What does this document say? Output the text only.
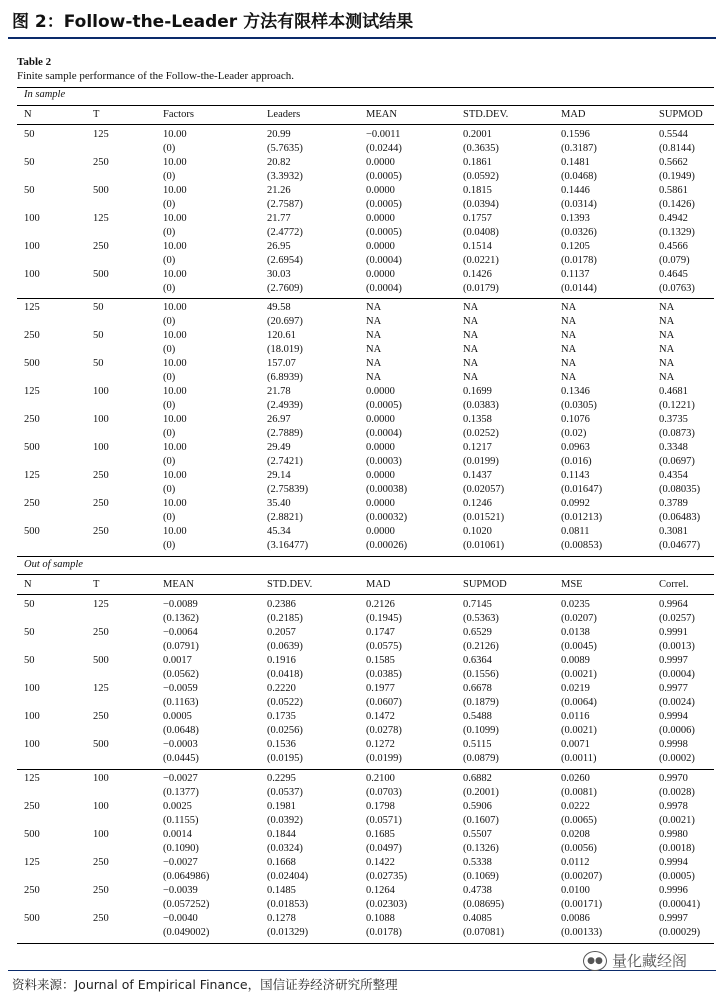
图 2：Follow-the-Leader 方法有限样本测试结果
Table 2
Finite sample performance of the Follow-the-Leader approach.
In sample
N	T	Factors	Leaders	MEAN	STD.DEV.	MAD	SUPMOD
50	125	10.00	20.99	−0.0011	0.2001	0.1596	0.5544
(0)	(5.7635)	(0.0244)	(0.3635)	(0.3187)	(0.8144)
50	250	10.00	20.82	0.0000	0.1861	0.1481	0.5662
(0)	(3.3932)	(0.0005)	(0.0592)	(0.0468)	(0.1949)
50	500	10.00	21.26	0.0000	0.1815	0.1446	0.5861
(0)	(2.7587)	(0.0005)	(0.0394)	(0.0314)	(0.1426)
100	125	10.00	21.77	0.0000	0.1757	0.1393	0.4942
(0)	(2.4772)	(0.0005)	(0.0408)	(0.0326)	(0.1329)
100	250	10.00	26.95	0.0000	0.1514	0.1205	0.4566
(0)	(2.6954)	(0.0004)	(0.0221)	(0.0178)	(0.079)
100	500	10.00	30.03	0.0000	0.1426	0.1137	0.4645
(0)	(2.7609)	(0.0004)	(0.0179)	(0.0144)	(0.0763)
125	50	10.00	49.58	NA	NA	NA	NA
(0)	(20.697)	NA	NA	NA	NA
250	50	10.00	120.61	NA	NA	NA	NA
(0)	(18.019)	NA	NA	NA	NA
500	50	10.00	157.07	NA	NA	NA	NA
(0)	(6.8939)	NA	NA	NA	NA
125	100	10.00	21.78	0.0000	0.1699	0.1346	0.4681
(0)	(2.4939)	(0.0005)	(0.0383)	(0.0305)	(0.1221)
250	100	10.00	26.97	0.0000	0.1358	0.1076	0.3735
(0)	(2.7889)	(0.0004)	(0.0252)	(0.02)	(0.0873)
500	100	10.00	29.49	0.0000	0.1217	0.0963	0.3348
(0)	(2.7421)	(0.0003)	(0.0199)	(0.016)	(0.0697)
125	250	10.00	29.14	0.0000	0.1437	0.1143	0.4354
(0)	(2.75839)	(0.00038)	(0.02057)	(0.01647)	(0.08035)
250	250	10.00	35.40	0.0000	0.1246	0.0992	0.3789
(0)	(2.8821)	(0.00032)	(0.01521)	(0.01213)	(0.06483)
500	250	10.00	45.34	0.0000	0.1020	0.0811	0.3081
(0)	(3.16477)	(0.00026)	(0.01061)	(0.00853)	(0.04677)
Out of sample
N	T	MEAN	STD.DEV.	MAD	SUPMOD	MSE	Correl.
50	125	−0.0089	0.2386	0.2126	0.7145	0.0235	0.9964
(0.1362)	(0.2185)	(0.1945)	(0.5363)	(0.0207)	(0.0257)
50	250	−0.0064	0.2057	0.1747	0.6529	0.0138	0.9991
(0.0791)	(0.0639)	(0.0575)	(0.2126)	(0.0045)	(0.0013)
50	500	0.0017	0.1916	0.1585	0.6364	0.0089	0.9997
(0.0562)	(0.0418)	(0.0385)	(0.1556)	(0.0021)	(0.0004)
100	125	−0.0059	0.2220	0.1977	0.6678	0.0219	0.9977
(0.1163)	(0.0522)	(0.0607)	(0.1879)	(0.0064)	(0.0024)
100	250	0.0005	0.1735	0.1472	0.5488	0.0116	0.9994
(0.0648)	(0.0256)	(0.0278)	(0.1099)	(0.0021)	(0.0006)
100	500	−0.0003	0.1536	0.1272	0.5115	0.0071	0.9998
(0.0445)	(0.0195)	(0.0199)	(0.0879)	(0.0011)	(0.0002)
125	100	−0.0027	0.2295	0.2100	0.6882	0.0260	0.9970
(0.1377)	(0.0537)	(0.0703)	(0.2001)	(0.0081)	(0.0028)
250	100	0.0025	0.1981	0.1798	0.5906	0.0222	0.9978
(0.1155)	(0.0392)	(0.0571)	(0.1607)	(0.0065)	(0.0021)
500	100	0.0014	0.1844	0.1685	0.5507	0.0208	0.9980
(0.1090)	(0.0324)	(0.0497)	(0.1326)	(0.0056)	(0.0018)
125	250	−0.0027	0.1668	0.1422	0.5338	0.0112	0.9994
(0.064986)	(0.02404)	(0.02735)	(0.1069)	(0.00207)	(0.0005)
250	250	−0.0039	0.1485	0.1264	0.4738	0.0100	0.9996
(0.057252)	(0.01853)	(0.02303)	(0.08695)	(0.00171)	(0.00041)
500	250	−0.0040	0.1278	0.1088	0.4085	0.0086	0.9997
(0.049002)	(0.01329)	(0.0178)	(0.07081)	(0.00133)	(0.00029)
资料来源：Journal of Empirical Finance，国信证券经济研究所整理
●● 量化藏经阁
